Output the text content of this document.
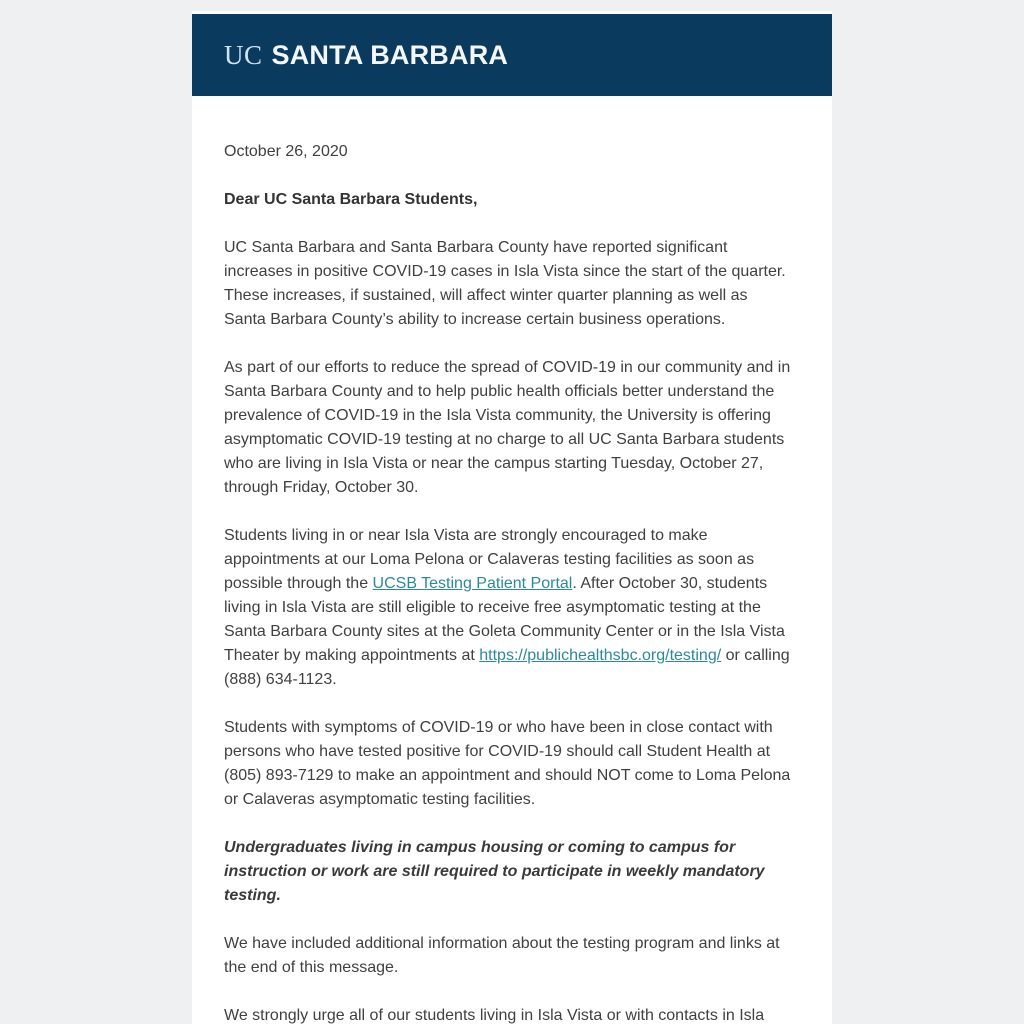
UC SANTA BARBARA

October 26, 2020

Dear UC Santa Barbara Students,

UC Santa Barbara and Santa Barbara County have reported significant increases in positive COVID-19 cases in Isla Vista since the start of the quarter. These increases, if sustained, will affect winter quarter planning as well as Santa Barbara County’s ability to increase certain business operations.

As part of our efforts to reduce the spread of COVID-19 in our community and in Santa Barbara County and to help public health officials better understand the prevalence of COVID-19 in the Isla Vista community, the University is offering asymptomatic COVID-19 testing at no charge to all UC Santa Barbara students who are living in Isla Vista or near the campus starting Tuesday, October 27, through Friday, October 30.

Students living in or near Isla Vista are strongly encouraged to make appointments at our Loma Pelona or Calaveras testing facilities as soon as possible through the UCSB Testing Patient Portal. After October 30, students living in Isla Vista are still eligible to receive free asymptomatic testing at the Santa Barbara County sites at the Goleta Community Center or in the Isla Vista Theater by making appointments at https://publichealthsbc.org/testing/ or calling (888) 634-1123.

Students with symptoms of COVID-19 or who have been in close contact with persons who have tested positive for COVID-19 should call Student Health at (805) 893-7129 to make an appointment and should NOT come to Loma Pelona or Calaveras asymptomatic testing facilities.

Undergraduates living in campus housing or coming to campus for instruction or work are still required to participate in weekly mandatory testing.

We have included additional information about the testing program and links at the end of this message.

We strongly urge all of our students living in Isla Vista or with contacts in Isla
